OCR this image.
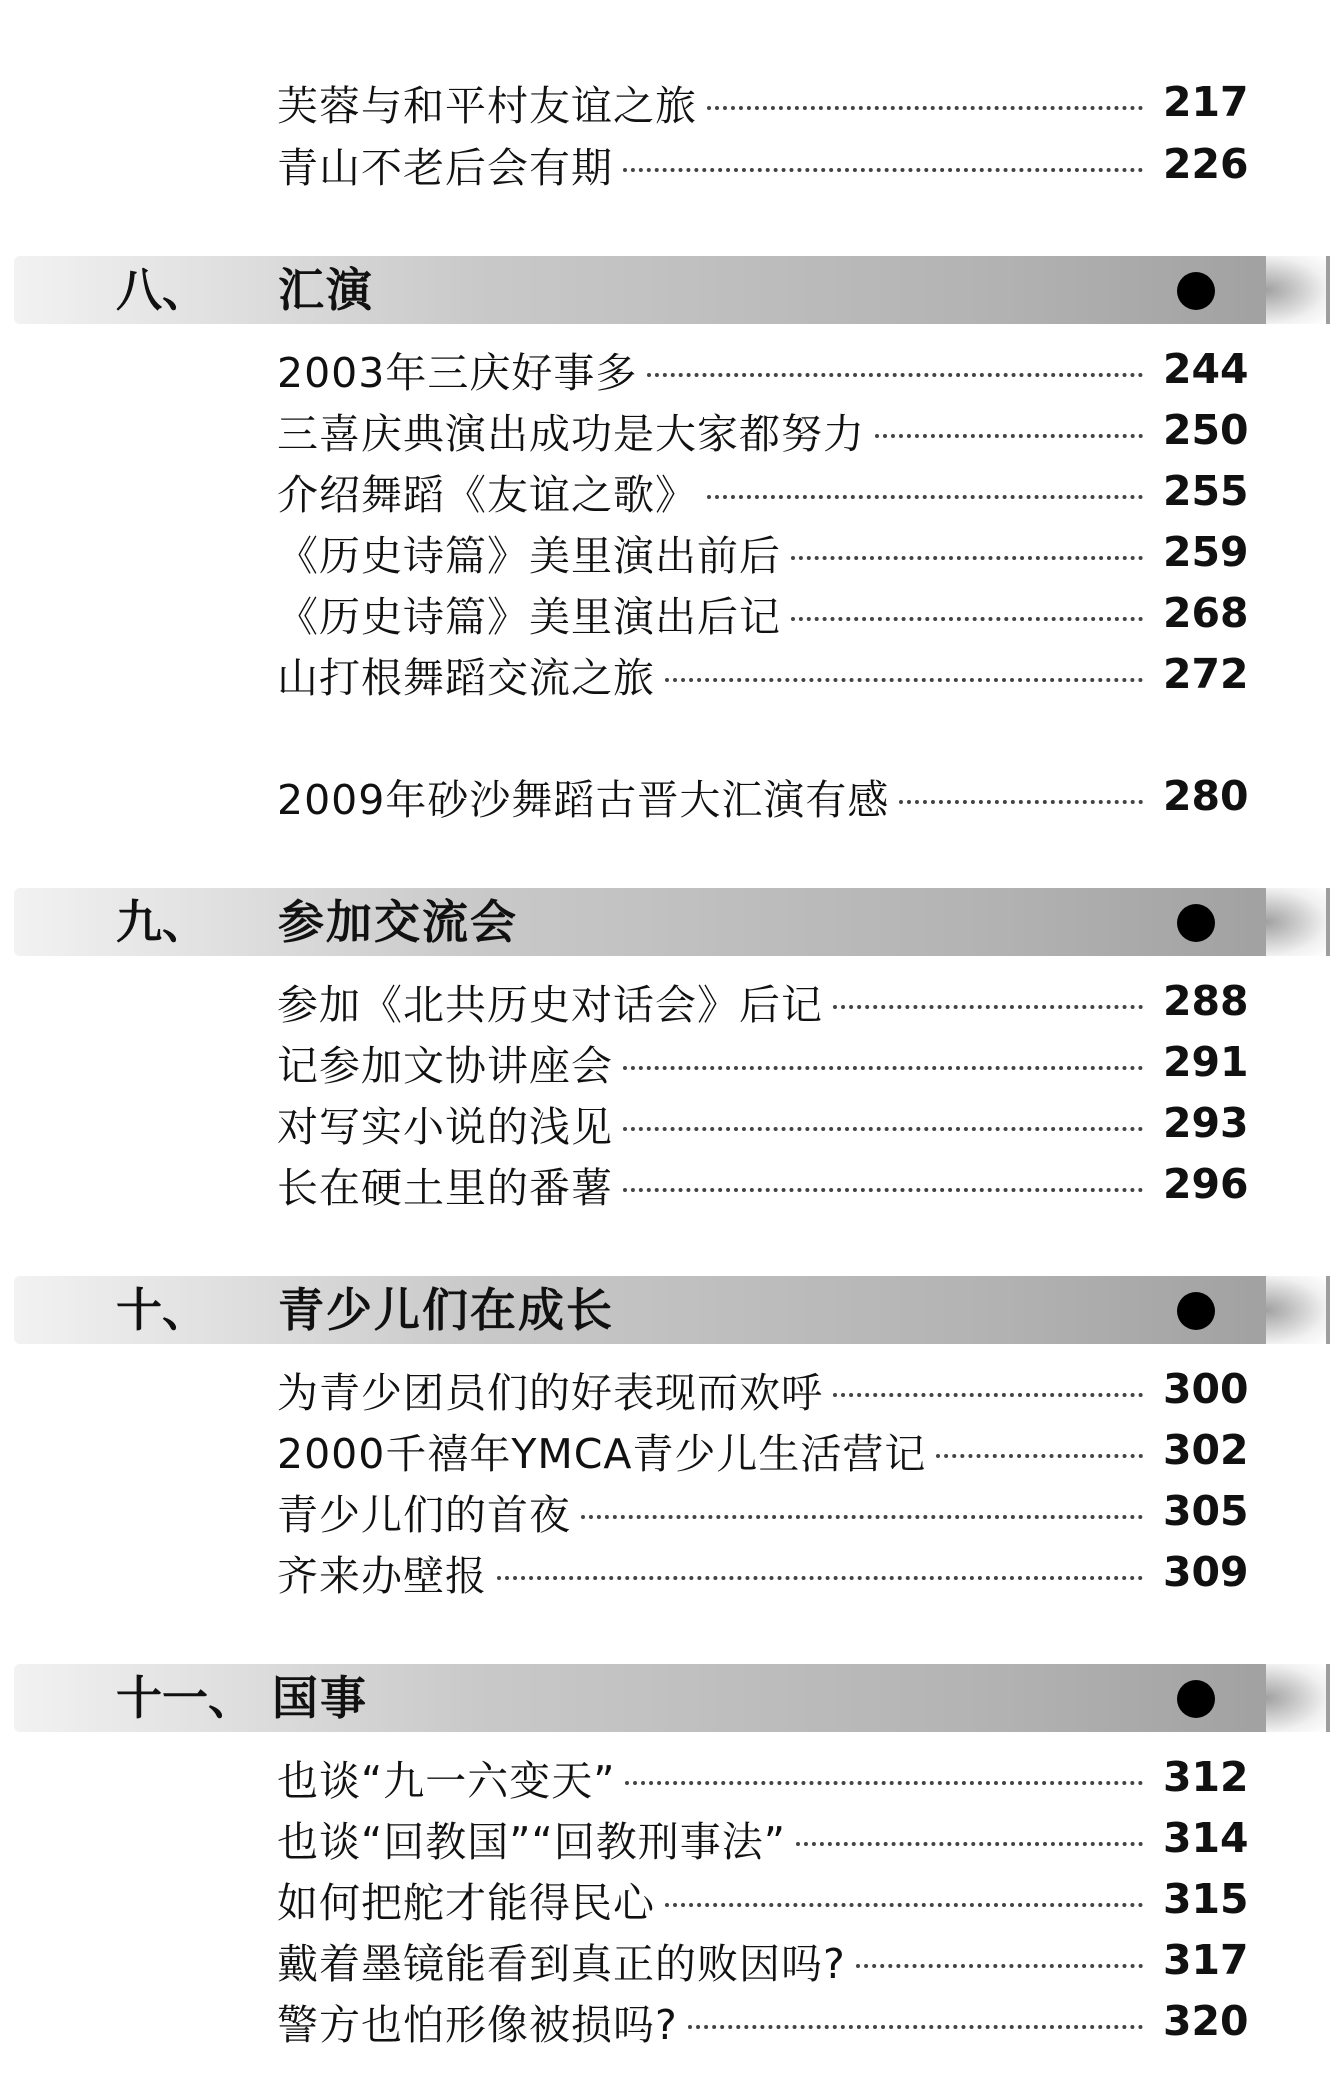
芙蓉与和平村友谊之旅	217
青山不老后会有期	226
八、 汇演
2003年三庆好事多	244
三喜庆典演出成功是大家都努力	250
介绍舞蹈《友谊之歌》	255
《历史诗篇》美里演出前后	259
《历史诗篇》美里演出后记	268
山打根舞蹈交流之旅	272
2009年砂沙舞蹈古晋大汇演有感	280
九、 参加交流会
参加《北共历史对话会》后记	288
记参加文协讲座会	291
对写实小说的浅见	293
长在硬土里的番薯	296
十、 青少儿们在成长
为青少团员们的好表现而欢呼	300
2000千禧年YMCA青少儿生活营记	302
青少儿们的首夜	305
齐来办壁报	309
十一、 国事
也谈“九一六变天”	312
也谈“回教国”“回教刑事法”	314
如何把舵才能得民心	315
戴着墨镜能看到真正的败因吗?	317
警方也怕形像被损吗?	320
